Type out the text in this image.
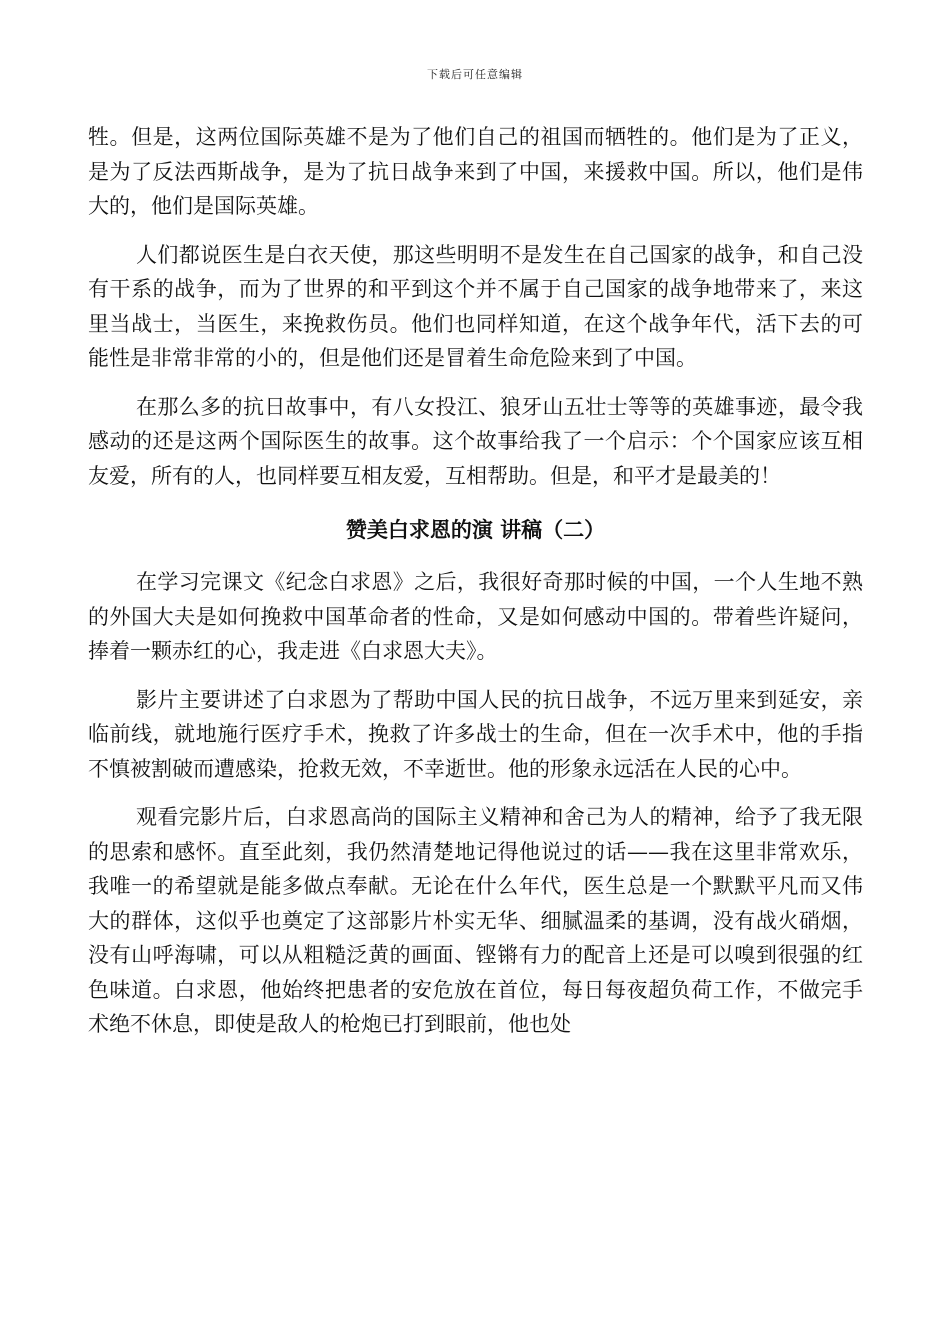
下载后可任意编辑

牲。但是，这两位国际英雄不是为了他们自己的祖国而牺牲的。他们是为了正义，是为了反法西斯战争，是为了抗日战争来到了中国，来援救中国。所以，他们是伟大的，他们是国际英雄。

人们都说医生是白衣天使，那这些明明不是发生在自己国家的战争，和自己没有干系的战争，而为了世界的和平到这个并不属于自己国家的战争地带来了，来这里当战士，当医生，来挽救伤员。他们也同样知道，在这个战争年代，活下去的可能性是非常非常的小的，但是他们还是冒着生命危险来到了中国。

在那么多的抗日故事中，有八女投江、狼牙山五壮士等等的英雄事迹，最令我感动的还是这两个国际医生的故事。这个故事给我了一个启示：个个国家应该互相友爱，所有的人，也同样要互相友爱，互相帮助。但是，和平才是最美的！

赞美白求恩的演 讲稿（二）

在学习完课文《纪念白求恩》之后，我很好奇那时候的中国，一个人生地不熟的外国大夫是如何挽救中国革命者的性命，又是如何感动中国的。带着些许疑问，捧着一颗赤红的心，我走进《白求恩大夫》。

影片主要讲述了白求恩为了帮助中国人民的抗日战争，不远万里来到延安，亲临前线，就地施行医疗手术，挽救了许多战士的生命，但在一次手术中，他的手指不慎被割破而遭感染，抢救无效，不幸逝世。他的形象永远活在人民的心中。

观看完影片后，白求恩高尚的国际主义精神和舍己为人的精神，给予了我无限的思索和感怀。直至此刻，我仍然清楚地记得他说过的话——我在这里非常欢乐，我唯一的希望就是能多做点奉献。无论在什么年代，医生总是一个默默平凡而又伟大的群体，这似乎也奠定了这部影片朴实无华、细腻温柔的基调，没有战火硝烟，没有山呼海啸，可以从粗糙泛黄的画面、铿锵有力的配音上还是可以嗅到很强的红色味道。白求恩，他始终把患者的安危放在首位，每日每夜超负荷工作，不做完手术绝不休息，即使是敌人的枪炮已打到眼前，他也处
